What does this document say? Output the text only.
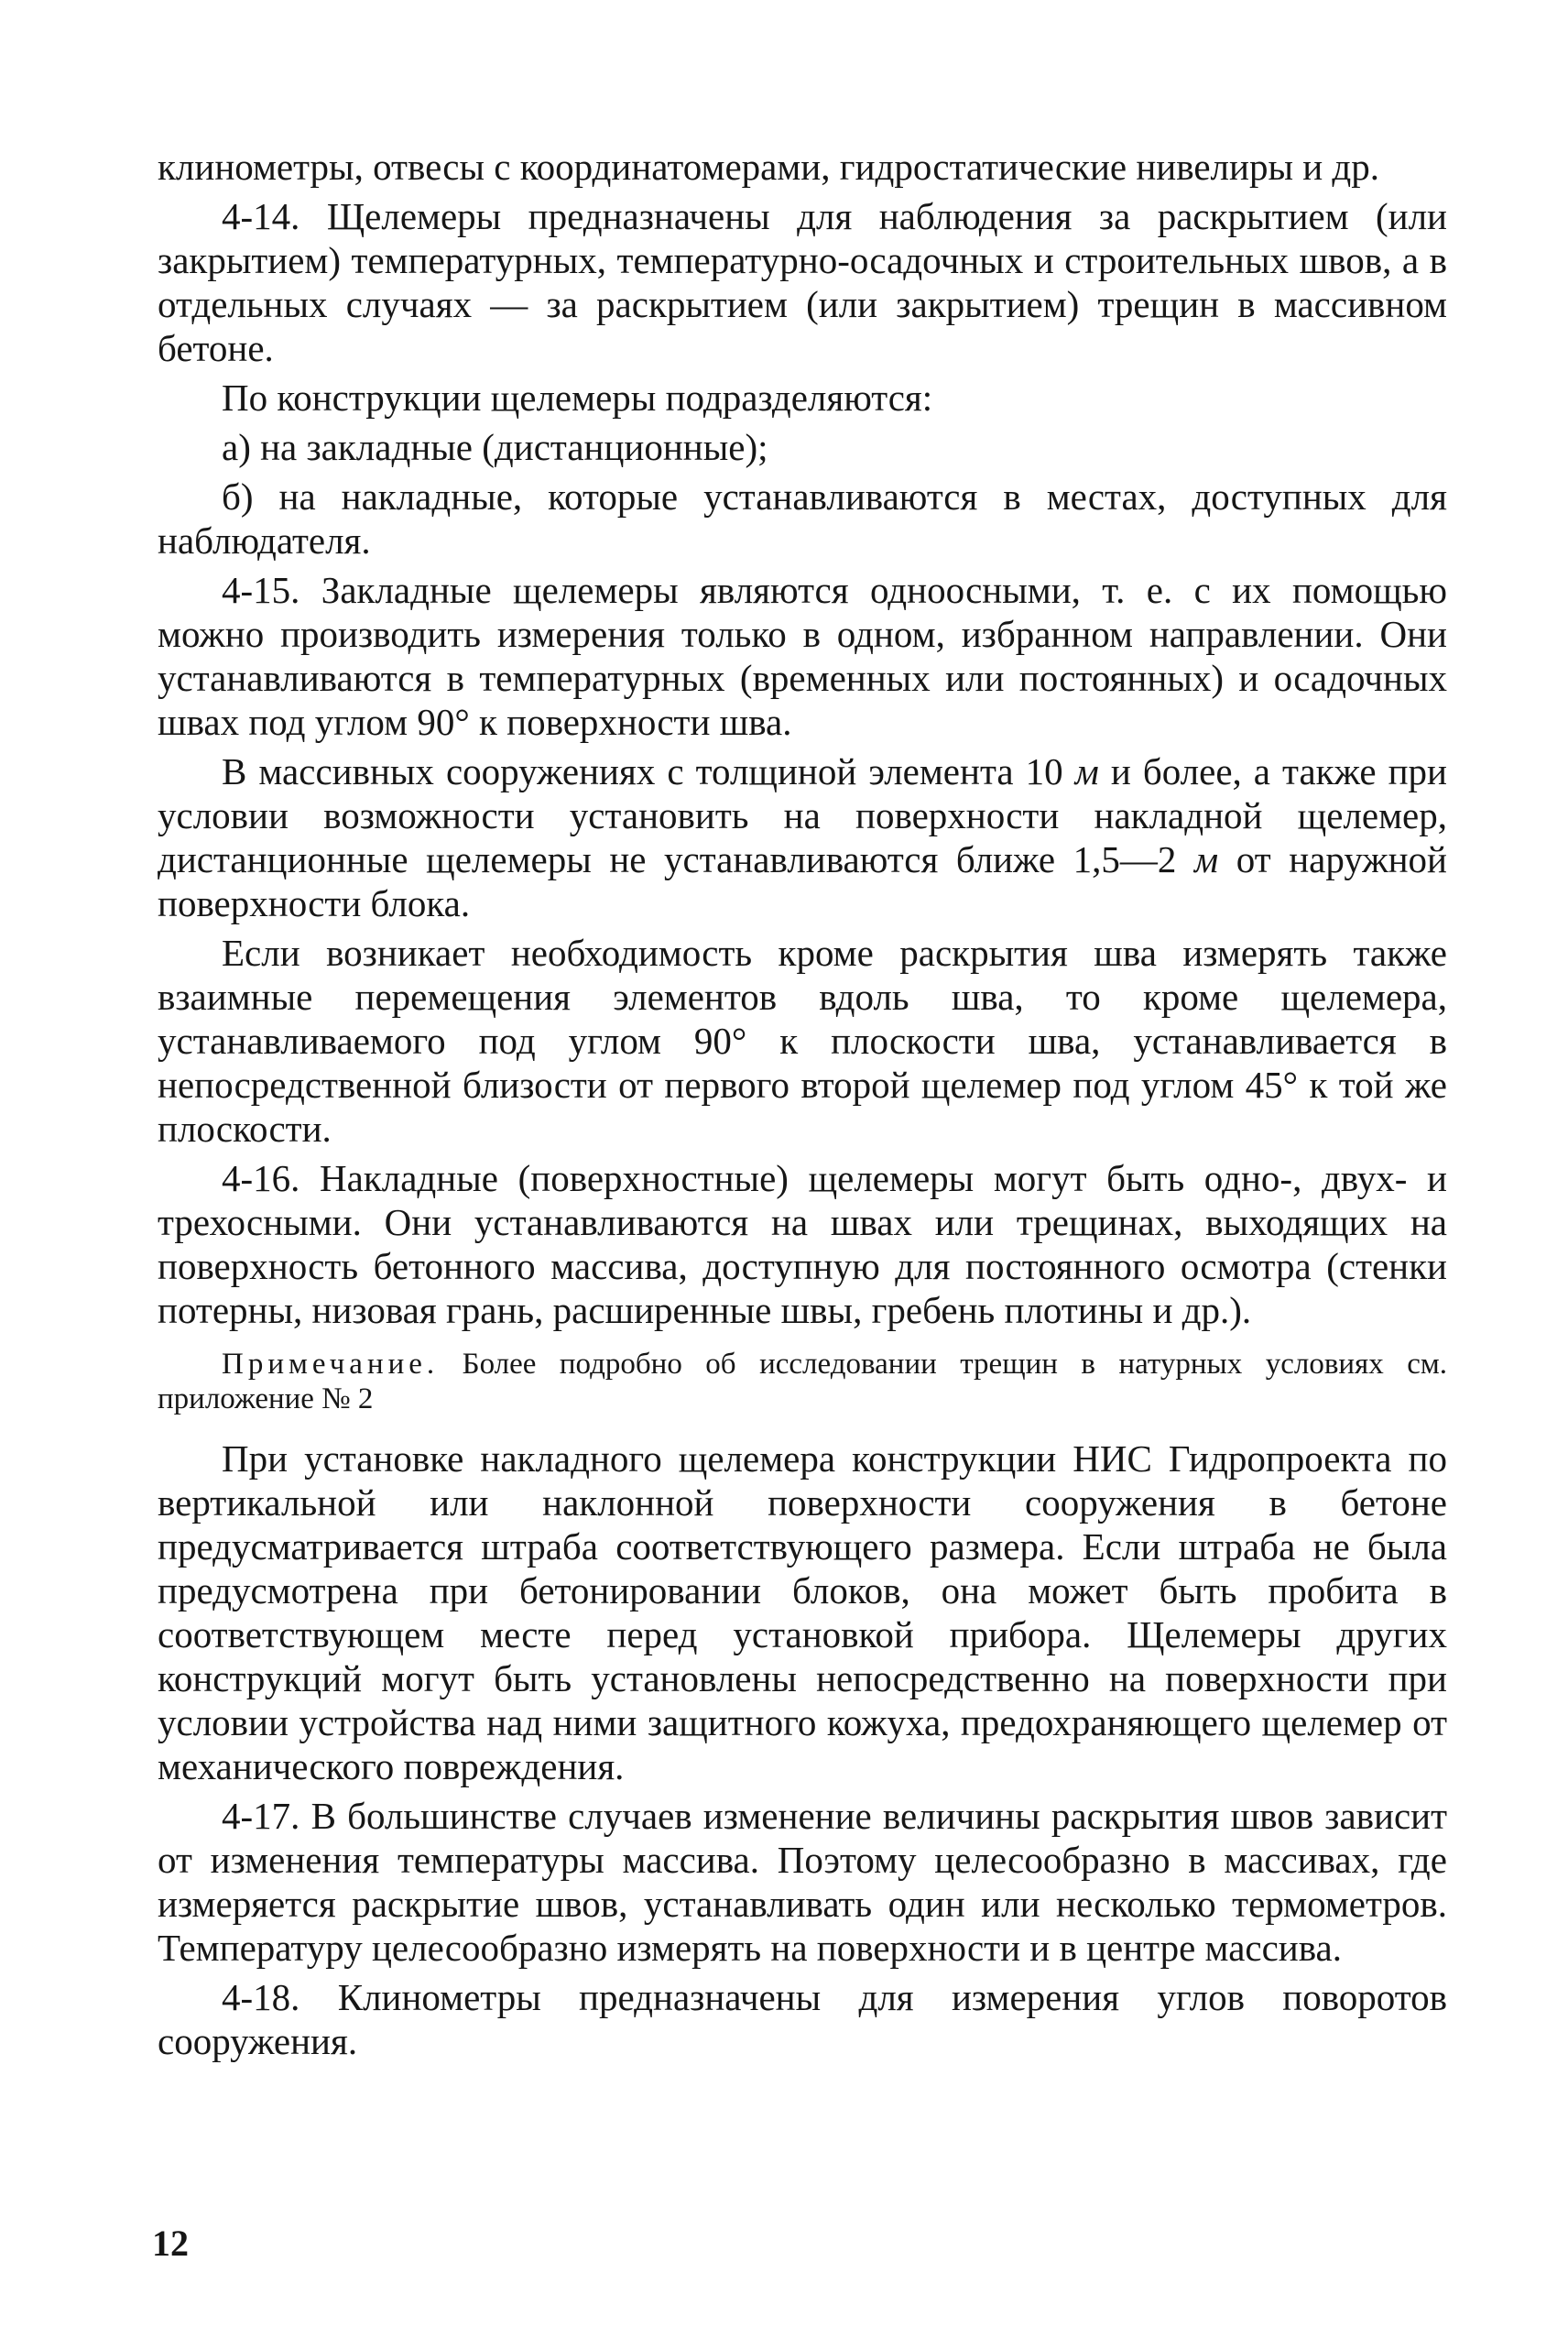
клинометры, отвесы с координатомерами, гидростатические нивелиры и др.

4-14. Щелемеры предназначены для наблюдения за раскрытием (или закрытием) температурных, температурно-осадочных и строительных швов, а в отдельных случаях — за раскрытием (или закрытием) трещин в массивном бетоне.

По конструкции щелемеры подразделяются:

а) на закладные (дистанционные);

б) на накладные, которые устанавливаются в местах, доступных для наблюдателя.

4-15. Закладные щелемеры являются одноосными, т. е. с их помощью можно производить измерения только в одном, избранном направлении. Они устанавливаются в температурных (временных или постоянных) и осадочных швах под углом 90° к поверхности шва.

В массивных сооружениях с толщиной элемента 10 м и более, а также при условии возможности установить на поверхности накладной щелемер, дистанционные щелемеры не устанавливаются ближе 1,5—2 м от наружной поверхности блока.

Если возникает необходимость кроме раскрытия шва измерять также взаимные перемещения элементов вдоль шва, то кроме щелемера, устанавливаемого под углом 90° к плоскости шва, устанавливается в непосредственной близости от первого второй щелемер под углом 45° к той же плоскости.

4-16. Накладные (поверхностные) щелемеры могут быть одно-, двух- и трехосными. Они устанавливаются на швах или трещинах, выходящих на поверхность бетонного массива, доступную для постоянного осмотра (стенки потерны, низовая грань, расширенные швы, гребень плотины и др.).

Примечание. Более подробно об исследовании трещин в натурных условиях см. приложение № 2

При установке накладного щелемера конструкции НИС Гидропроекта по вертикальной или наклонной поверхности сооружения в бетоне предусматривается штраба соответствующего размера. Если штраба не была предусмотрена при бетонировании блоков, она может быть пробита в соответствующем месте перед установкой прибора. Щелемеры других конструкций могут быть установлены непосредственно на поверхности при условии устройства над ними защитного кожуха, предохраняющего щелемер от механического повреждения.

4-17. В большинстве случаев изменение величины раскрытия швов зависит от изменения температуры массива. Поэтому целесообразно в массивах, где измеряется раскрытие швов, устанавливать один или несколько термометров. Температуру целесообразно измерять на поверхности и в центре массива.

4-18. Клинометры предназначены для измерения углов поворотов сооружения.

12
